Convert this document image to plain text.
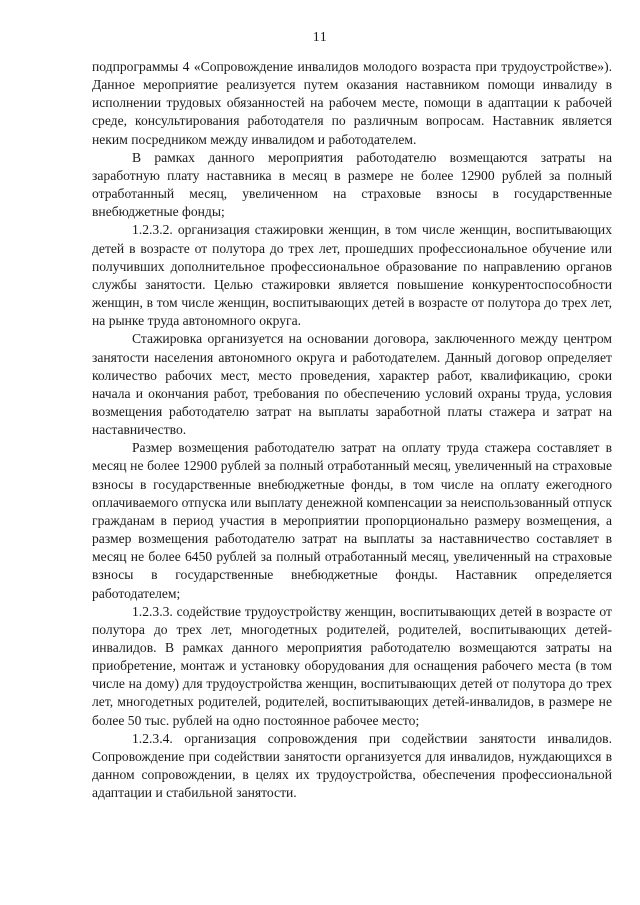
11

подпрограммы 4 «Сопровождение инвалидов молодого возраста при трудоустройстве»). Данное мероприятие реализуется путем оказания наставником помощи инвалиду в исполнении трудовых обязанностей на рабочем месте, помощи в адаптации к рабочей среде, консультирования работодателя по различным вопросам. Наставник является неким посредником между инвалидом и работодателем.

В рамках данного мероприятия работодателю возмещаются затраты на заработную плату наставника в месяц в размере не более 12900 рублей за полный отработанный месяц, увеличенном на страховые взносы в государственные внебюджетные фонды;

1.2.3.2. организация стажировки женщин, в том числе женщин, воспитывающих детей в возрасте от полутора до трех лет, прошедших профессиональное обучение или получивших дополнительное профессиональное образование по направлению органов службы занятости. Целью стажировки является повышение конкурентоспособности женщин, в том числе женщин, воспитывающих детей в возрасте от полутора до трех лет, на рынке труда автономного округа.

Стажировка организуется на основании договора, заключенного между центром занятости населения автономного округа и работодателем. Данный договор определяет количество рабочих мест, место проведения, характер работ, квалификацию, сроки начала и окончания работ, требования по обеспечению условий охраны труда, условия возмещения работодателю затрат на выплаты заработной платы стажера и затрат на наставничество.

Размер возмещения работодателю затрат на оплату труда стажера составляет в месяц не более 12900 рублей за полный отработанный месяц, увеличенный на страховые взносы в государственные внебюджетные фонды, в том числе на оплату ежегодного оплачиваемого отпуска или выплату денежной компенсации за неиспользованный отпуск гражданам в период участия в мероприятии пропорционально размеру возмещения, а размер возмещения работодателю затрат на выплаты за наставничество составляет в месяц не более 6450 рублей за полный отработанный месяц, увеличенный на страховые взносы в государственные внебюджетные фонды. Наставник определяется работодателем;

1.2.3.3. содействие трудоустройству женщин, воспитывающих детей в возрасте от полутора до трех лет, многодетных родителей, родителей, воспитывающих детей-инвалидов. В рамках данного мероприятия работодателю возмещаются затраты на приобретение, монтаж и установку оборудования для оснащения рабочего места (в том числе на дому) для трудоустройства женщин, воспитывающих детей от полутора до трех лет, многодетных родителей, родителей, воспитывающих детей-инвалидов, в размере не более 50 тыс. рублей на одно постоянное рабочее место;

1.2.3.4. организация сопровождения при содействии занятости инвалидов. Сопровождение при содействии занятости организуется для инвалидов, нуждающихся в данном сопровождении, в целях их трудоустройства, обеспечения профессиональной адаптации и стабильной занятости.
